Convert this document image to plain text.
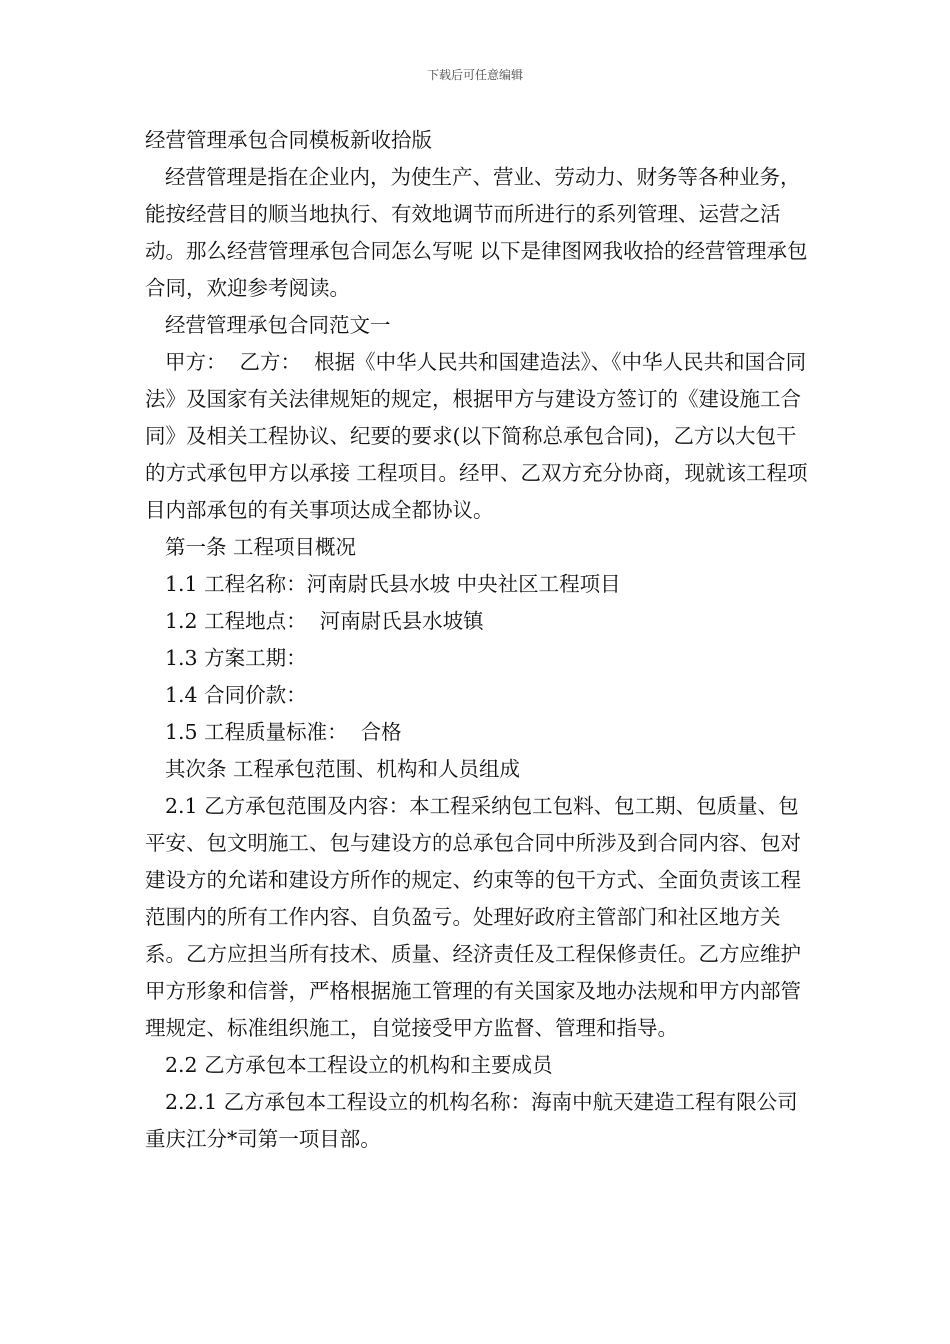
下载后可任意编辑

经营管理承包合同模板新收拾版

经营管理是指在企业内，为使生产、营业、劳动力、财务等各种业务，能按经营目的顺当地执行、有效地调节而所进行的系列管理、运营之活动。那么经营管理承包合同怎么写呢 以下是律图网我收拾的经营管理承包合同，欢迎参考阅读。

经营管理承包合同范文一

甲方：  乙方：  根据《中华人民共和国建造法》、《中华人民共和国合同法》及国家有关法律规矩的规定，根据甲方与建设方签订的《建设施工合同》及相关工程协议、纪要的要求(以下简称总承包合同)，乙方以大包干的方式承包甲方以承接 工程项目。经甲、乙双方充分协商，现就该工程项目内部承包的有关事项达成全都协议。

第一条 工程项目概况

1.1 工程名称：河南尉氏县水坡 中央社区工程项目

1.2 工程地点：  河南尉氏县水坡镇

1.3 方案工期：

1.4 合同价款：

1.5 工程质量标准：  合格

其次条 工程承包范围、机构和人员组成

2.1 乙方承包范围及内容：本工程采纳包工包料、包工期、包质量、包平安、包文明施工、包与建设方的总承包合同中所涉及到合同内容、包对建设方的允诺和建设方所作的规定、约束等的包干方式、全面负责该工程范围内的所有工作内容、自负盈亏。处理好政府主管部门和社区地方关系。乙方应担当所有技术、质量、经济责任及工程保修责任。乙方应维护甲方形象和信誉，严格根据施工管理的有关国家及地办法规和甲方内部管理规定、标准组织施工，自觉接受甲方监督、管理和指导。

2.2 乙方承包本工程设立的机构和主要成员

2.2.1 乙方承包本工程设立的机构名称：海南中航天建造工程有限公司重庆江分*司第一项目部。
